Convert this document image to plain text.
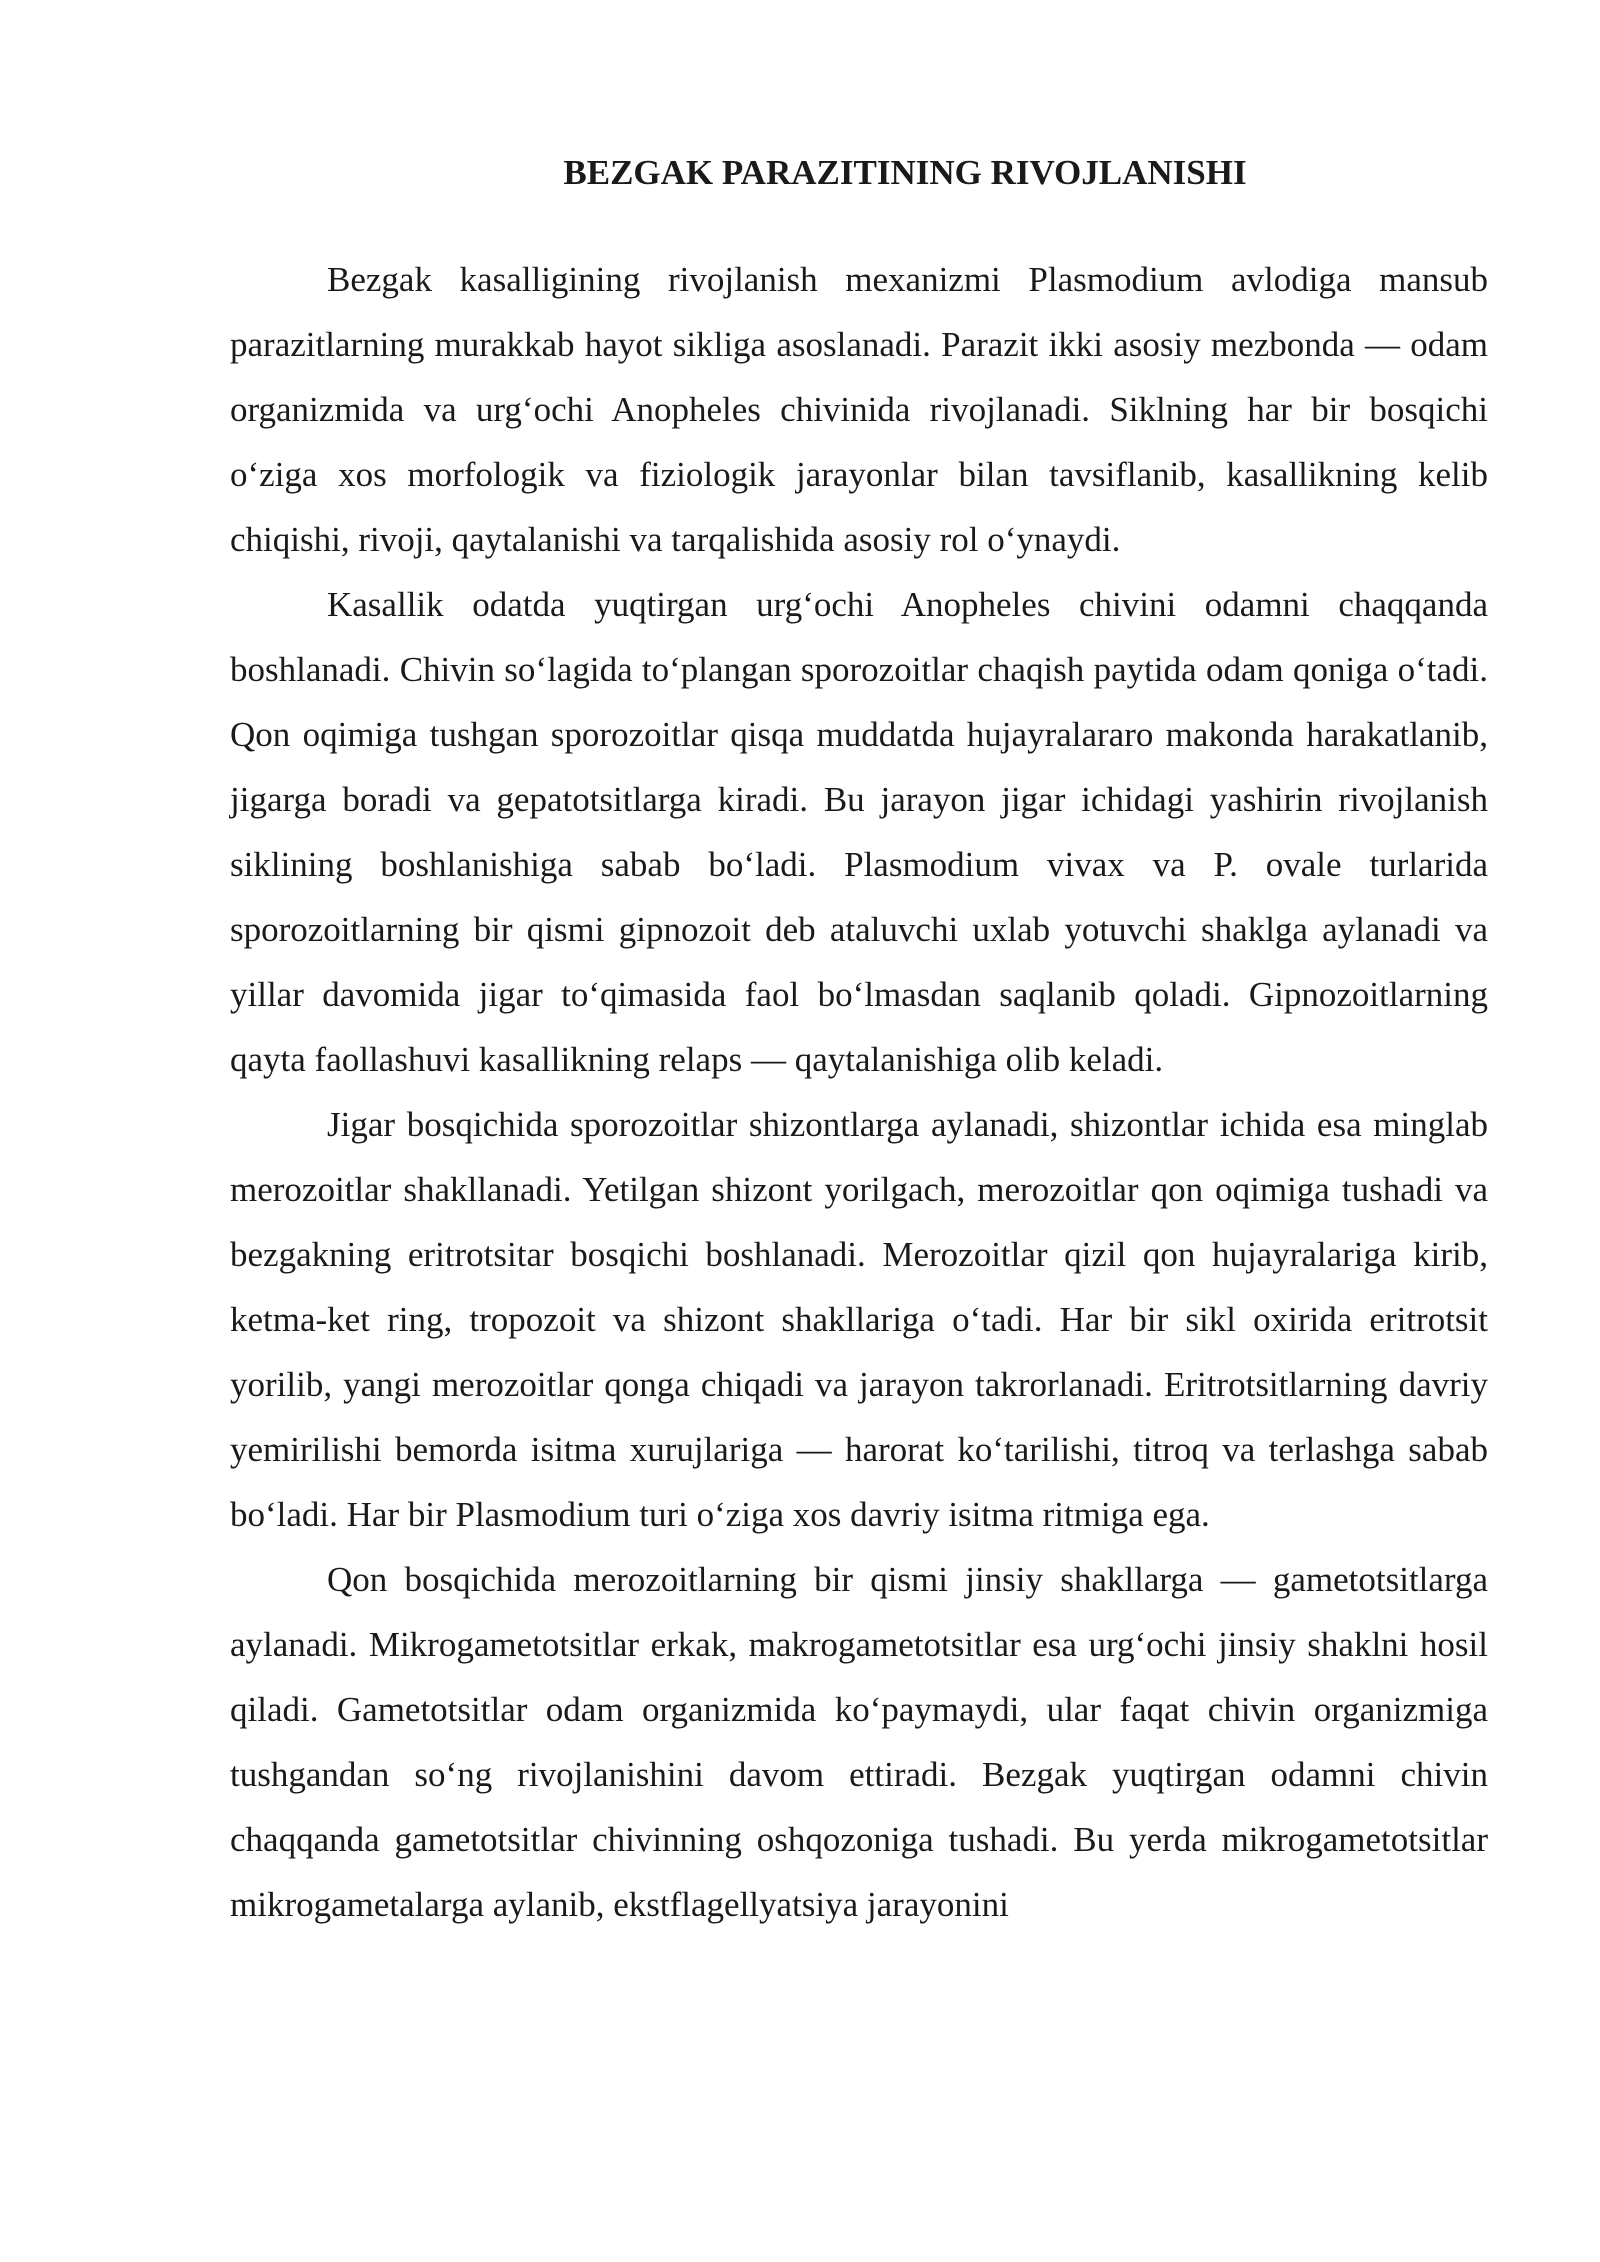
BEZGAK PARAZITINING RIVOJLANISHI

Bezgak kasalligining rivojlanish mexanizmi Plasmodium avlodiga mansub parazitlarning murakkab hayot sikliga asoslanadi. Parazit ikki asosiy mezbonda — odam organizmida va urg‘ochi Anopheles chivinida rivojlanadi. Siklning har bir bosqichi o‘ziga xos morfologik va fiziologik jarayonlar bilan tavsiflanib, kasallikning kelib chiqishi, rivoji, qaytalanishi va tarqalishida asosiy rol o‘ynaydi.

Kasallik odatda yuqtirgan urg‘ochi Anopheles chivini odamni chaqqanda boshlanadi. Chivin so‘lagida to‘plangan sporozoitlar chaqish paytida odam qoniga o‘tadi. Qon oqimiga tushgan sporozoitlar qisqa muddatda hujayralararo makonda harakatlanib, jigarga boradi va gepatotsitlarga kiradi. Bu jarayon jigar ichidagi yashirin rivojlanish siklining boshlanishiga sabab bo‘ladi. Plasmodium vivax va P. ovale turlarida sporozoitlarning bir qismi gipnozoit deb ataluvchi uxlab yotuvchi shaklga aylanadi va yillar davomida jigar to‘qimasida faol bo‘lmasdan saqlanib qoladi. Gipnozoitlarning qayta faollashuvi kasallikning relaps — qaytalanishiga olib keladi.

Jigar bosqichida sporozoitlar shizontlarga aylanadi, shizontlar ichida esa minglab merozoitlar shakllanadi. Yetilgan shizont yorilgach, merozoitlar qon oqimiga tushadi va bezgakning eritrotsitar bosqichi boshlanadi. Merozoitlar qizil qon hujayralariga kirib, ketma-ket ring, tropozoit va shizont shakllariga o‘tadi. Har bir sikl oxirida eritrotsit yorilib, yangi merozoitlar qonga chiqadi va jarayon takrorlanadi. Eritrotsitlarning davriy yemirilishi bemorda isitma xurujlariga — harorat ko‘tarilishi, titroq va terlashga sabab bo‘ladi. Har bir Plasmodium turi o‘ziga xos davriy isitma ritmiga ega.

Qon bosqichida merozoitlarning bir qismi jinsiy shakllarga — gametotsitlarga aylanadi. Mikrogametotsitlar erkak, makrogametotsitlar esa urg‘ochi jinsiy shaklni hosil qiladi. Gametotsitlar odam organizmida ko‘paymaydi, ular faqat chivin organizmiga tushgandan so‘ng rivojlanishini davom ettiradi. Bezgak yuqtirgan odamni chivin chaqqanda gametotsitlar chivinning oshqozoniga tushadi. Bu yerda mikrogametotsitlar mikrogametalarga aylanib, ekstflagellyatsiya jarayonini
